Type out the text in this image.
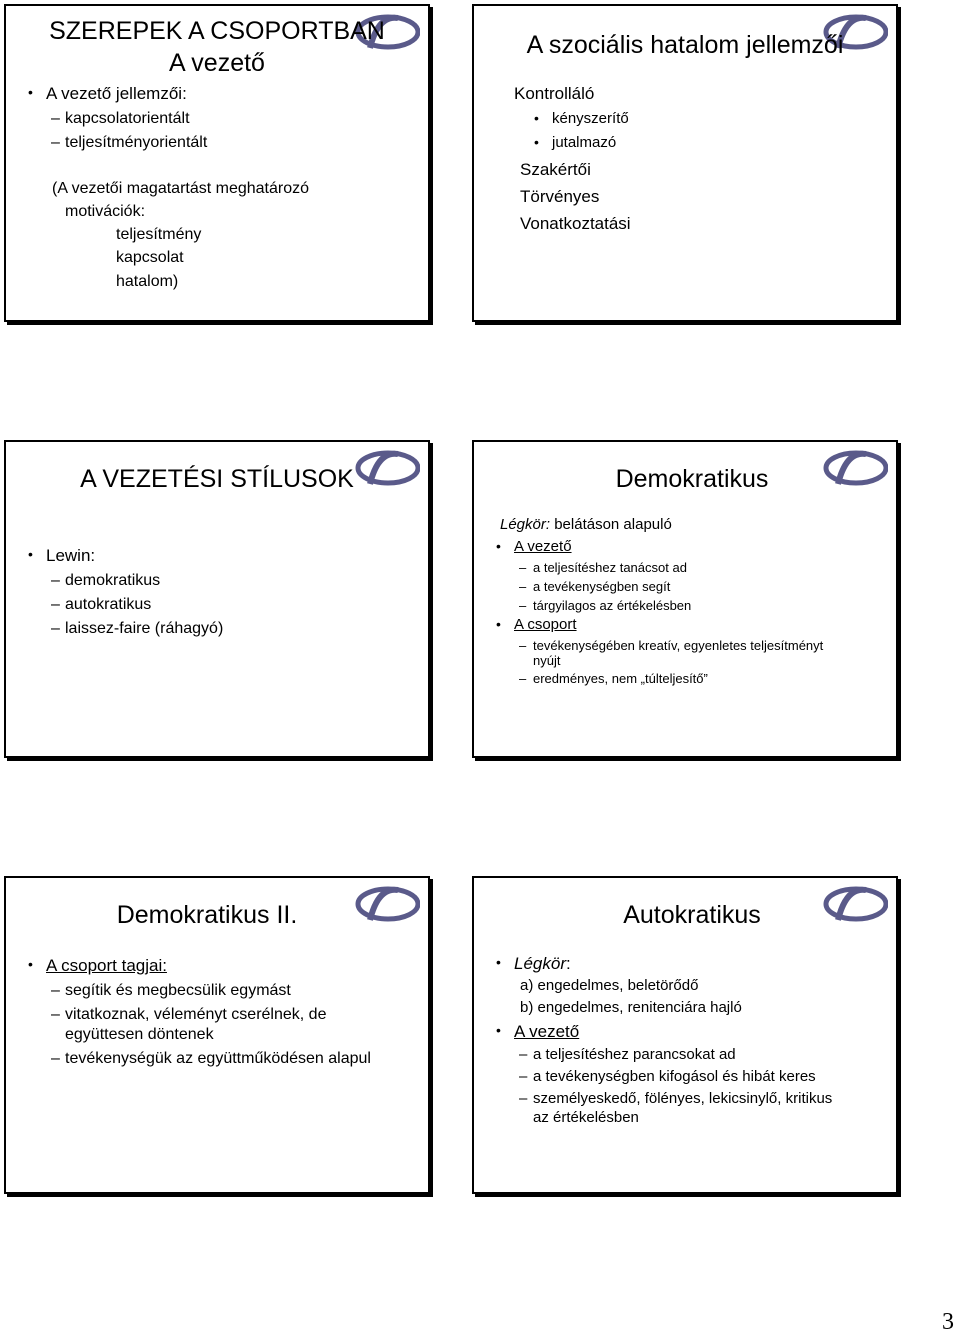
SZEREPEK A CSOPORTBAN
A vezető
• A vezető jellemzői:
– kapcsolatorientált
– teljesítményorientált
(A vezetői magatartást meghatározó
motivációk:
teljesítmény
kapcsolat
hatalom)
A szociális hatalom jellemzői
Kontrolláló
• kényszerítő
• jutalmazó
Szakértői
Törvényes
Vonatkoztatási
A VEZETÉSI STÍLUSOK
• Lewin:
– demokratikus
– autokratikus
– laissez-faire (ráhagyó)
Demokratikus
Légkör: belátáson alapuló
• A vezető
– a teljesítéshez tanácsot ad
– a tevékenységben segít
– tárgyilagos az értékelésben
• A csoport
– tevékenységében kreatív, egyenletes teljesítményt
nyújt
– eredményes, nem „túlteljesítő”
Demokratikus II.
• A csoport tagjai:
– segítik és megbecsülik egymást
– vitatkoznak, véleményt cserélnek, de
együttesen döntenek
– tevékenységük az együttműködésen alapul
Autokratikus
• Légkör:
a) engedelmes, beletörődő
b) engedelmes, renitenciára hajló
• A vezető
– a teljesítéshez parancsokat ad
– a tevékenységben kifogásol és hibát keres
– személyeskedő, fölényes, lekicsinylő, kritikus
az értékelésben
3
